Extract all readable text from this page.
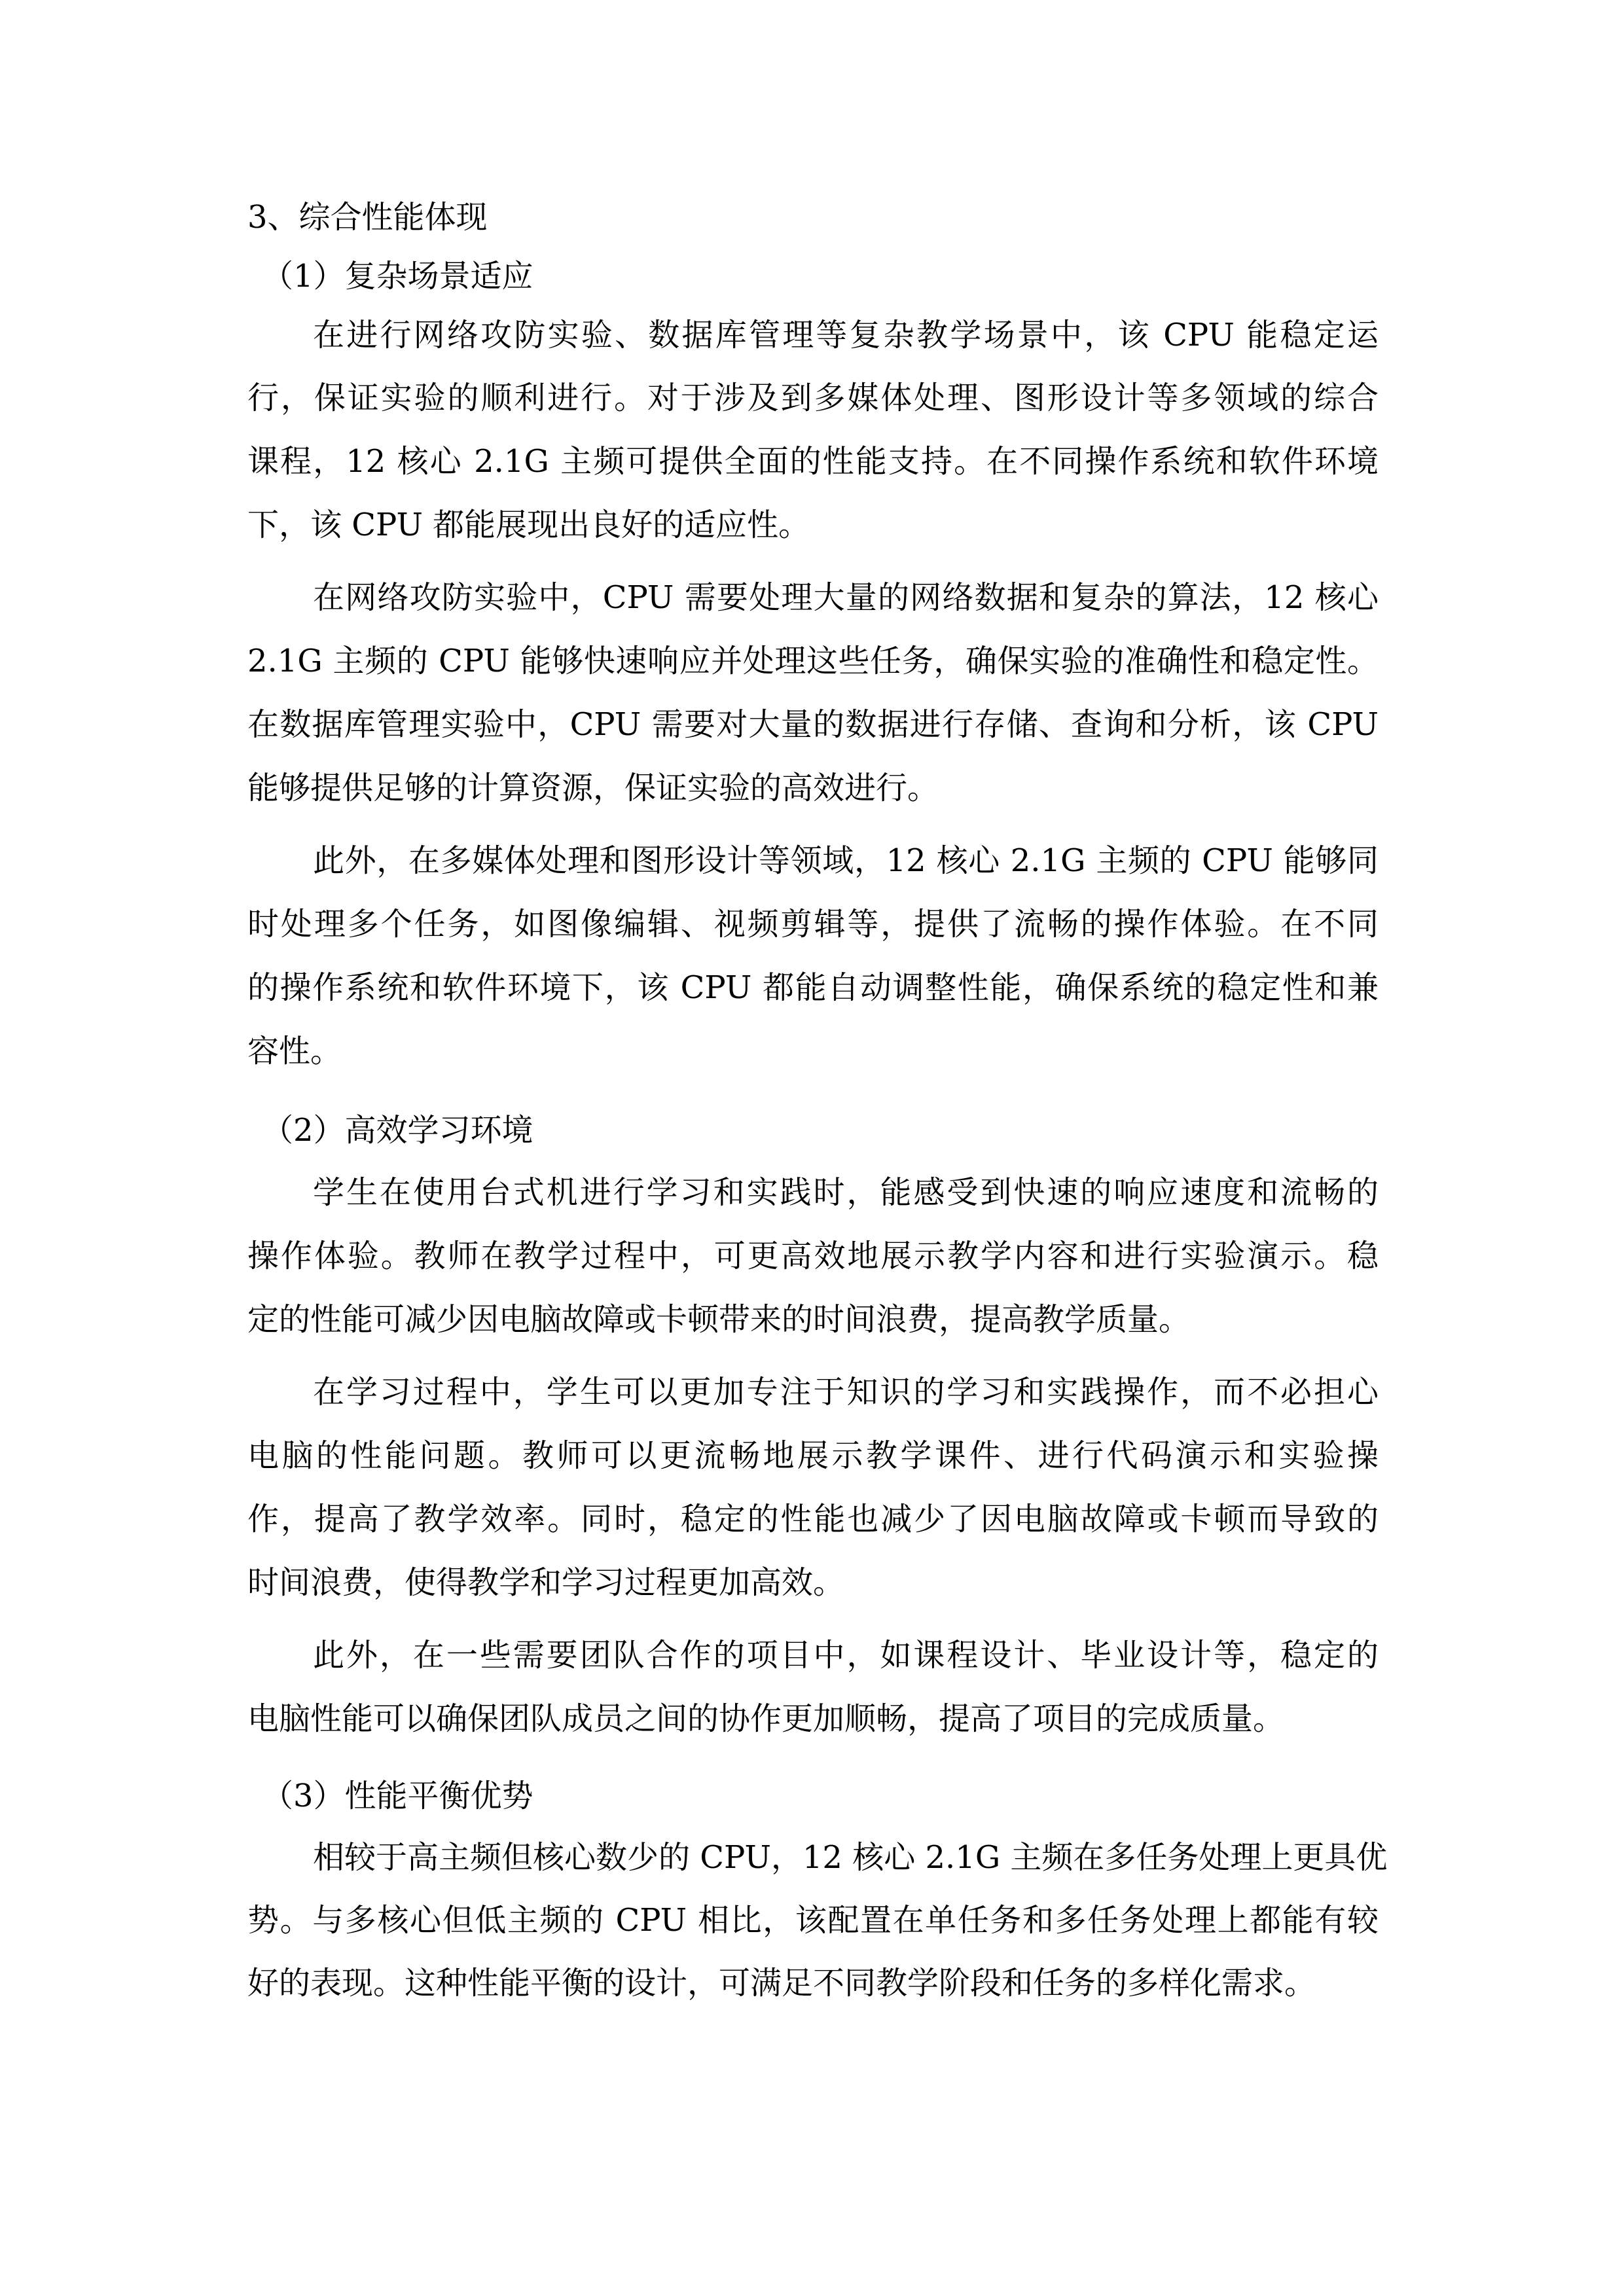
3、综合性能体现
（1）复杂场景适应
在进行网络攻防实验、数据库管理等复杂教学场景中，该 CPU 能稳定运
行，保证实验的顺利进行。对于涉及到多媒体处理、图形设计等多领域的综合
课程，12 核心 2.1G 主频可提供全面的性能支持。在不同操作系统和软件环境
下，该 CPU 都能展现出良好的适应性。
在网络攻防实验中，CPU 需要处理大量的网络数据和复杂的算法，12 核心
2.1G 主频的 CPU 能够快速响应并处理这些任务，确保实验的准确性和稳定性。
在数据库管理实验中，CPU 需要对大量的数据进行存储、查询和分析，该 CPU
能够提供足够的计算资源，保证实验的高效进行。
此外，在多媒体处理和图形设计等领域，12 核心 2.1G 主频的 CPU 能够同
时处理多个任务，如图像编辑、视频剪辑等，提供了流畅的操作体验。在不同
的操作系统和软件环境下，该 CPU 都能自动调整性能，确保系统的稳定性和兼
容性。
（2）高效学习环境
学生在使用台式机进行学习和实践时，能感受到快速的响应速度和流畅的
操作体验。教师在教学过程中，可更高效地展示教学内容和进行实验演示。稳
定的性能可减少因电脑故障或卡顿带来的时间浪费，提高教学质量。
在学习过程中，学生可以更加专注于知识的学习和实践操作，而不必担心
电脑的性能问题。教师可以更流畅地展示教学课件、进行代码演示和实验操
作，提高了教学效率。同时，稳定的性能也减少了因电脑故障或卡顿而导致的
时间浪费，使得教学和学习过程更加高效。
此外，在一些需要团队合作的项目中，如课程设计、毕业设计等，稳定的
电脑性能可以确保团队成员之间的协作更加顺畅，提高了项目的完成质量。
（3）性能平衡优势
相较于高主频但核心数少的 CPU，12 核心 2.1G 主频在多任务处理上更具优
势。与多核心但低主频的 CPU 相比，该配置在单任务和多任务处理上都能有较
好的表现。这种性能平衡的设计，可满足不同教学阶段和任务的多样化需求。
